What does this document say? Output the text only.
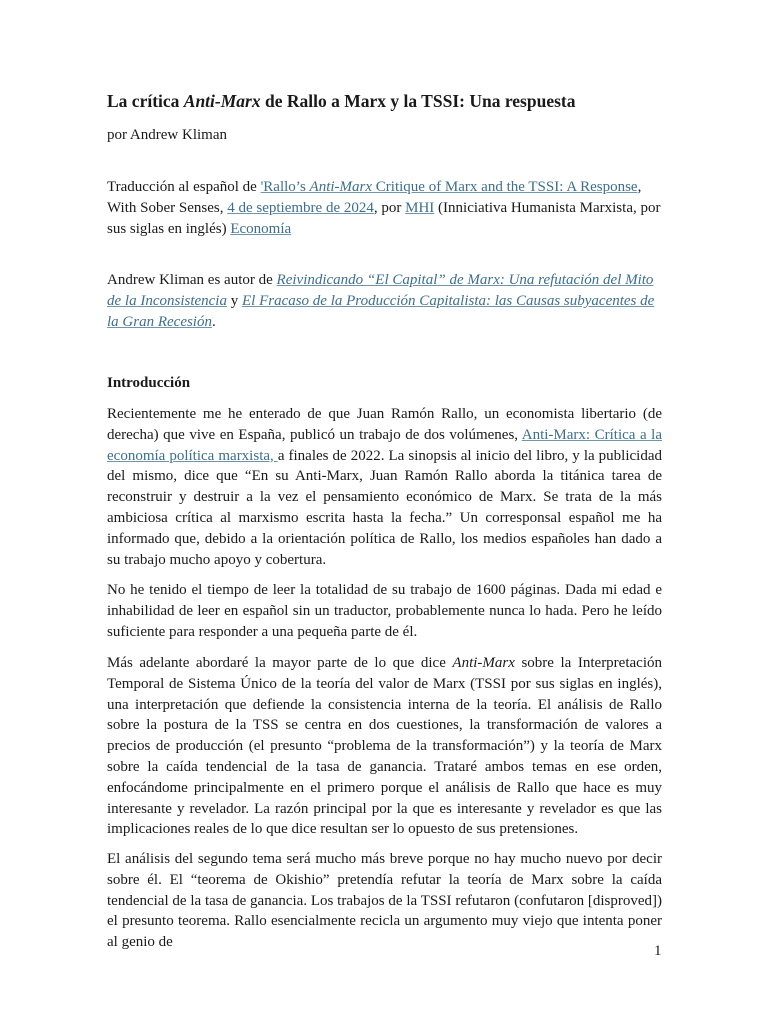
La crítica Anti-Marx de Rallo a Marx y la TSSI: Una respuesta

por Andrew Kliman

Traducción al español de 'Rallo’s Anti-Marx Critique of Marx and the TSSI: A Response, With Sober Senses, 4 de septiembre de 2024, por MHI (Inniciativa Humanista Marxista, por sus siglas en inglés) Economía

Andrew Kliman es autor de Reivindicando “El Capital” de Marx: Una refutación del Mito de la Inconsistencia y El Fracaso de la Producción Capitalista: las Causas subyacentes de la Gran Recesión.

Introducción

Recientemente me he enterado de que Juan Ramón Rallo, un economista libertario (de derecha) que vive en España, publicó un trabajo de dos volúmenes, Anti-Marx: Crítica a la economía política marxista, a finales de 2022. La sinopsis al inicio del libro, y la publicidad del mismo, dice que “En su Anti-Marx, Juan Ramón Rallo aborda la titánica tarea de reconstruir y destruir a la vez el pensamiento económico de Marx. Se trata de la más ambiciosa crítica al marxismo escrita hasta la fecha.” Un corresponsal español me ha informado que, debido a la orientación política de Rallo, los medios españoles han dado a su trabajo mucho apoyo y cobertura.

No he tenido el tiempo de leer la totalidad de su trabajo de 1600 páginas. Dada mi edad e inhabilidad de leer en español sin un traductor, probablemente nunca lo hada. Pero he leído suficiente para responder a una pequeña parte de él.

Más adelante abordaré la mayor parte de lo que dice Anti-Marx sobre la Interpretación Temporal de Sistema Único de la teoría del valor de Marx (TSSI por sus siglas en inglés), una interpretación que defiende la consistencia interna de la teoría. El análisis de Rallo sobre la postura de la TSS se centra en dos cuestiones, la transformación de valores a precios de producción (el presunto “problema de la transformación”) y la teoría de Marx sobre la caída tendencial de la tasa de ganancia. Trataré ambos temas en ese orden, enfocándome principalmente en el primero porque el análisis de Rallo que hace es muy interesante y revelador. La razón principal por la que es interesante y revelador es que las implicaciones reales de lo que dice resultan ser lo opuesto de sus pretensiones.

El análisis del segundo tema será mucho más breve porque no hay mucho nuevo por decir sobre él. El “teorema de Okishio” pretendía refutar la teoría de Marx sobre la caída tendencial de la tasa de ganancia. Los trabajos de la TSSI refutaron (confutaron [disproved]) el presunto teorema. Rallo esencialmente recicla un argumento muy viejo que intenta poner al genio de

1
